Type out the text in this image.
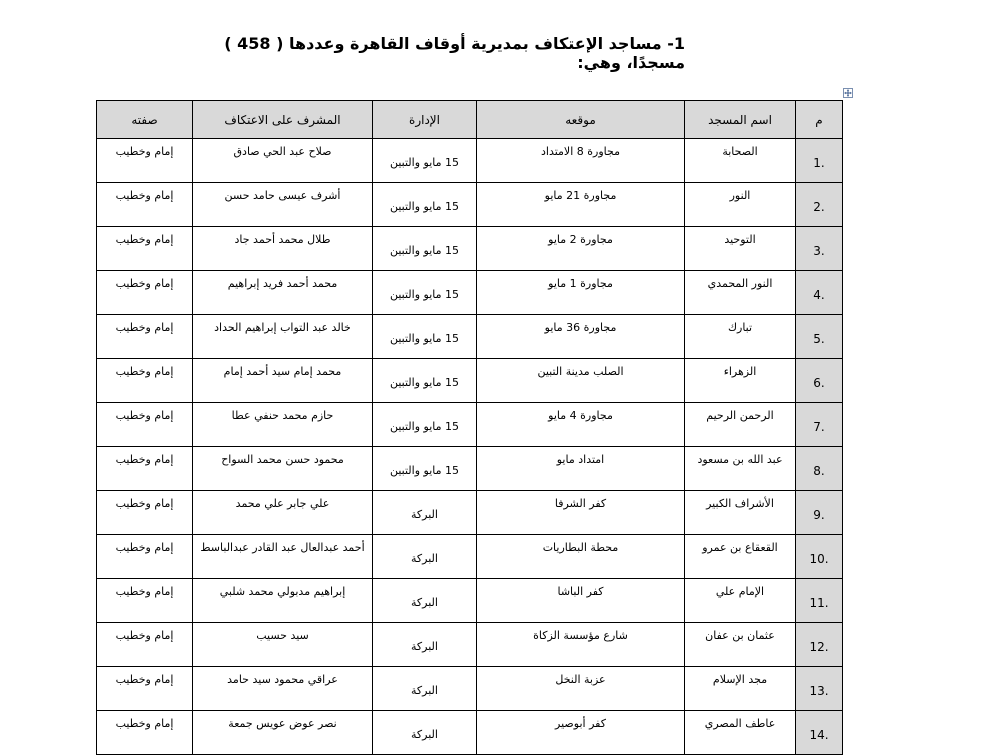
1- مساجد الإعتكاف بمديرية أوقاف القاهرة وعددها ( 458 ) مسجدًا، وهي:
م	اسم المسجد	موقعه	الإدارة	المشرف على الاعتكاف	صفته
1.	الصحابة	مجاورة 8 الامتداد	15 مايو والتبين	صلاح عبد الحي صادق	إمام وخطيب
2.	النور	مجاورة 21 مايو	15 مايو والتبين	أشرف عيسى حامد حسن	إمام وخطيب
3.	التوحيد	مجاورة 2 مايو	15 مايو والتبين	طلال محمد أحمد جاد	إمام وخطيب
4.	النور المحمدي	مجاورة 1 مايو	15 مايو والتبين	محمد أحمد فريد إبراهيم	إمام وخطيب
5.	تبارك	مجاورة 36 مايو	15 مايو والتبين	خالد عبد التواب إبراهيم الحداد	إمام وخطيب
6.	الزهراء	الصلب مدينة التبين	15 مايو والتبين	محمد إمام سيد أحمد إمام	إمام وخطيب
7.	الرحمن الرحيم	مجاورة 4 مايو	15 مايو والتبين	حازم محمد حنفي عطا	إمام وخطيب
8.	عبد الله بن مسعود	امتداد مايو	15 مايو والتبين	محمود حسن محمد السواح	إمام وخطيب
9.	الأشراف الكبير	كفر الشرفا	البركة	علي جابر علي محمد	إمام وخطيب
10.	القعقاع بن عمرو	محطة البطاريات	البركة	أحمد عبدالعال عبد القادر عبدالباسط	إمام وخطيب
11.	الإمام علي	كفر الباشا	البركة	إبراهيم مدبولي محمد شلبي	إمام وخطيب
12.	عثمان بن عفان	شارع مؤسسة الزكاة	البركة	سيد حسيب	إمام وخطيب
13.	مجد الإسلام	عزبة النخل	البركة	عراقي محمود سيد حامد	إمام وخطيب
14.	عاطف المصري	كفر أبوصير	البركة	نصر عوض عويس جمعة	إمام وخطيب
